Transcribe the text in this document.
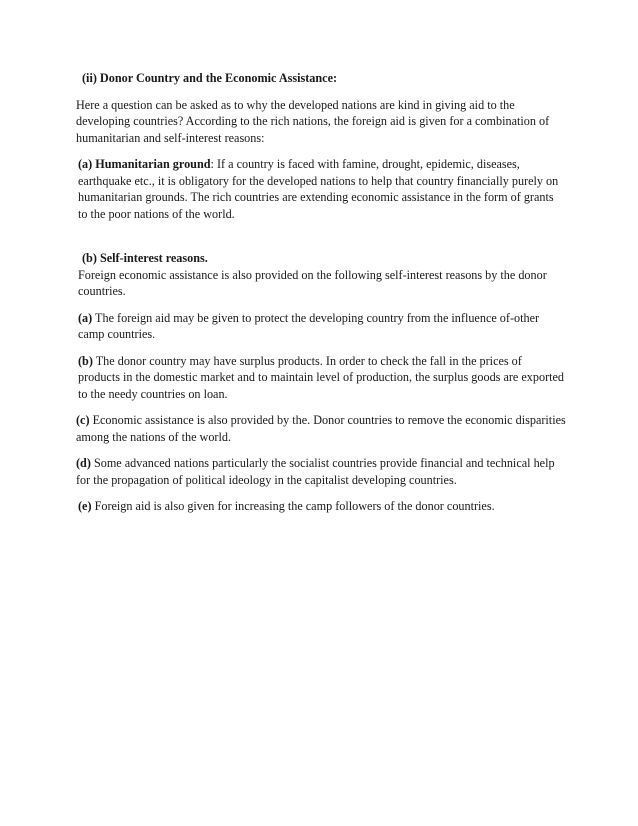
(ii) Donor Country and the Economic Assistance:

Here a question can be asked as to why the developed nations are kind in giving aid to the developing countries? According to the rich nations, the foreign aid is given for a combination of humanitarian and self-interest reasons:

(a) Humanitarian ground: If a country is faced with famine, drought, epidemic, diseases, earthquake etc., it is obligatory for the developed nations to help that country financially purely on humanitarian grounds. The rich countries are extending economic assistance in the form of grants to the poor nations of the world.

(b) Self-interest reasons.

Foreign economic assistance is also provided on the following self-interest reasons by the donor countries.

(a) The foreign aid may be given to protect the developing country from the influence of-other camp countries.

(b) The donor country may have surplus products. In order to check the fall in the prices of products in the domestic market and to maintain level of production, the surplus goods are exported to the needy countries on loan.

(c) Economic assistance is also provided by the. Donor countries to remove the economic disparities among the nations of the world.

(d) Some advanced nations particularly the socialist countries provide financial and technical help for the propagation of political ideology in the capitalist developing countries.

(e) Foreign aid is also given for increasing the camp followers of the donor countries.
